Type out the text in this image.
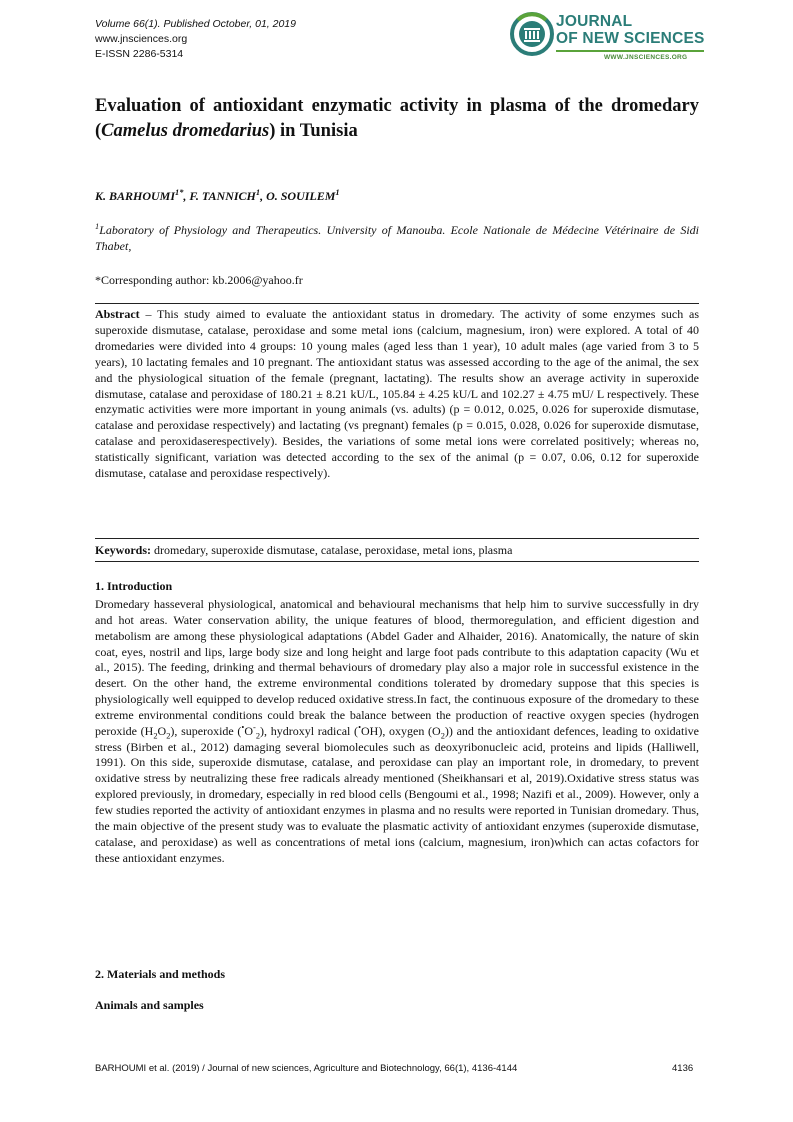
Volume 66(1). Published October, 01, 2019
www.jnsciences.org
E-ISSN 2286-5314
JOURNAL
OF NEW SCIENCES
WWW.JNSCIENCES.ORG
Evaluation of antioxidant enzymatic activity in plasma of the dromedary (Camelus dromedarius) in Tunisia
K. $BARHOUMI^{1*}$, F. TANNICH$^1$, O. SOUILEM$^1$
$^1$Laboratory of Physiology and Therapeutics. University of Manouba. Ecole Nationale de Médecine Vétérinaire de Sidi Thabet,
*Corresponding author: kb.2006@yahoo.fr
Abstract – This study aimed to evaluate the antioxidant status in dromedary. The activity of some enzymes such as superoxide dismutase, catalase, peroxidase and some metal ions (calcium, magnesium, iron) were explored. A total of 40 dromedaries were divided into 4 groups: 10 young males (aged less than 1 year), 10 adult males (age varied from 3 to 5 years), 10 lactating females and 10 pregnant. The antioxidant status was assessed according to the age of the animal, the sex and the physiological situation of the female (pregnant, lactating). The results show an average activity in superoxide dismutase, catalase and peroxidase of 180.21 ± 8.21 kU/L, 105.84 ± 4.25 kU/L and 102.27 ± 4.75 mU/ L respectively. These enzymatic activities were more important in young animals (vs. adults) (p = 0.012, 0.025, 0.026 for superoxide dismutase, catalase and peroxidase respectively) and lactating (vs pregnant) females (p = 0.015, 0.028, 0.026 for superoxide dismutase, catalase and peroxidaserespectively). Besides, the variations of some metal ions were correlated positively; whereas no, statistically significant, variation was detected according to the sex of the animal (p = 0.07, 0.06, 0.12 for superoxide dismutase, catalase and peroxidase respectively).
Keywords: dromedary, superoxide dismutase, catalase, peroxidase, metal ions, plasma
1. Introduction
Dromedary hasseveral physiological, anatomical and behavioural mechanisms that help him to survive successfully in dry and hot areas. Water conservation ability, the unique features of blood, thermoregulation, and efficient digestion and metabolism are among these physiological adaptations (Abdel Gader and Alhaider, 2016). Anatomically, the nature of skin coat, eyes, nostril and lips, large body size and long height and large foot pads contribute to this adaptation capacity (Wu et al., 2015). The feeding, drinking and thermal behaviours of dromedary play also a major role in successful existence in the desert. On the other hand, the extreme environmental conditions tolerated by dromedary suppose that this species is physiologically well equipped to develop reduced oxidative stress.In fact, the continuous exposure of the dromedary to these extreme environmental conditions could break the balance between the production of reactive oxygen species (hydrogen peroxide $(H_2O_2)$, superoxide $(^•O^-_2)$, hydroxyl radical (•OH), oxygen $(O_2)$) and the antioxidant defences, leading to oxidative stress (Birben et al., 2012) damaging several biomolecules such as deoxyribonucleic acid, proteins and lipids (Halliwell, 1991). On this side, superoxide dismutase, catalase, and peroxidase can play an important role, in dromedary, to prevent oxidative stress by neutralizing these free radicals already mentioned (Sheikhansari et al, 2019).Oxidative stress status was explored previously, in dromedary, especially in red blood cells (Bengoumi et al., 1998; Nazifi et al., 2009). However, only a few studies reported the activity of antioxidant enzymes in plasma and no results were reported in Tunisian dromedary. Thus, the main objective of the present study was to evaluate the plasmatic activity of antioxidant enzymes (superoxide dismutase, catalase, and peroxidase) as well as concentrations of metal ions (calcium, magnesium, iron)which can actas cofactors for these antioxidant enzymes.
2. Materials and methods
Animals and samples
BARHOUMI et al. (2019) / Journal of new sciences, Agriculture and Biotechnology, 66(1), 4136-4144	4136
